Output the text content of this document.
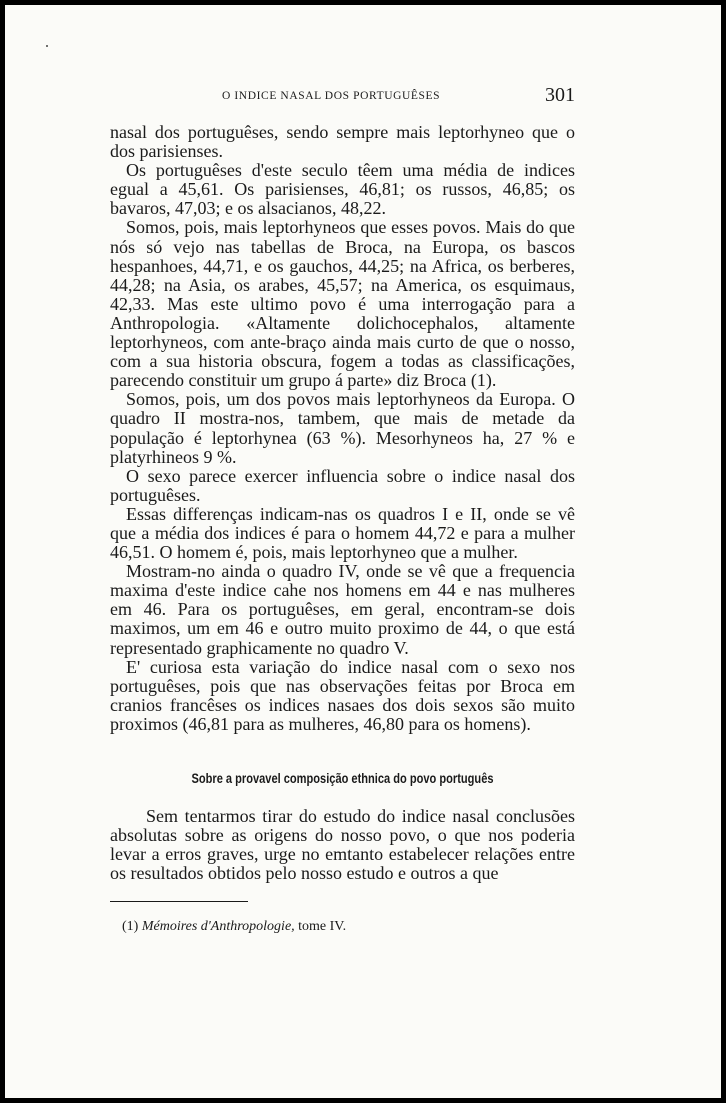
O INDICE NASAL DOS PORTUGUÊSES	301

nasal dos portuguêses, sendo sempre mais leptorhyneo que o dos parisienses.

Os portuguêses d'este seculo têem uma média de indices egual a 45,61. Os parisienses, 46,81; os russos, 46,85; os bavaros, 47,03; e os alsacianos, 48,22.

Somos, pois, mais leptorhyneos que esses povos. Mais do que nós só vejo nas tabellas de Broca, na Europa, os bascos hespanhoes, 44,71, e os gauchos, 44,25; na Africa, os berberes, 44,28; na Asia, os arabes, 45,57; na America, os esquimaus, 42,33. Mas este ultimo povo é uma interrogação para a Anthropologia. «Altamente dolichocephalos, altamente leptorhyneos, com ante-braço ainda mais curto de que o nosso, com a sua historia obscura, fogem a todas as classificações, parecendo constituir um grupo á parte» diz Broca (1).

Somos, pois, um dos povos mais leptorhyneos da Europa. O quadro II mostra-nos, tambem, que mais de metade da população é leptorhynea (63 %). Mesorhyneos ha, 27 % e platyrhineos 9 %.

O sexo parece exercer influencia sobre o indice nasal dos portuguêses.

Essas differenças indicam-nas os quadros I e II, onde se vê que a média dos indices é para o homem 44,72 e para a mulher 46,51. O homem é, pois, mais leptorhyneo que a mulher.

Mostram-no ainda o quadro IV, onde se vê que a frequencia maxima d'este indice cahe nos homens em 44 e nas mulheres em 46. Para os portuguêses, em geral, encontram-se dois maximos, um em 46 e outro muito proximo de 44, o que está representado graphicamente no quadro V.

E' curiosa esta variação do indice nasal com o sexo nos portuguêses, pois que nas observações feitas por Broca em cranios francêses os indices nasaes dos dois sexos são muito proximos (46,81 para as mulheres, 46,80 para os homens).

Sobre a provavel composição ethnica do povo português

Sem tentarmos tirar do estudo do indice nasal conclusões absolutas sobre as origens do nosso povo, o que nos poderia levar a erros graves, urge no emtanto estabelecer relações entre os resultados obtidos pelo nosso estudo e outros a que

(1) Mémoires d'Anthropologie, tome IV.
